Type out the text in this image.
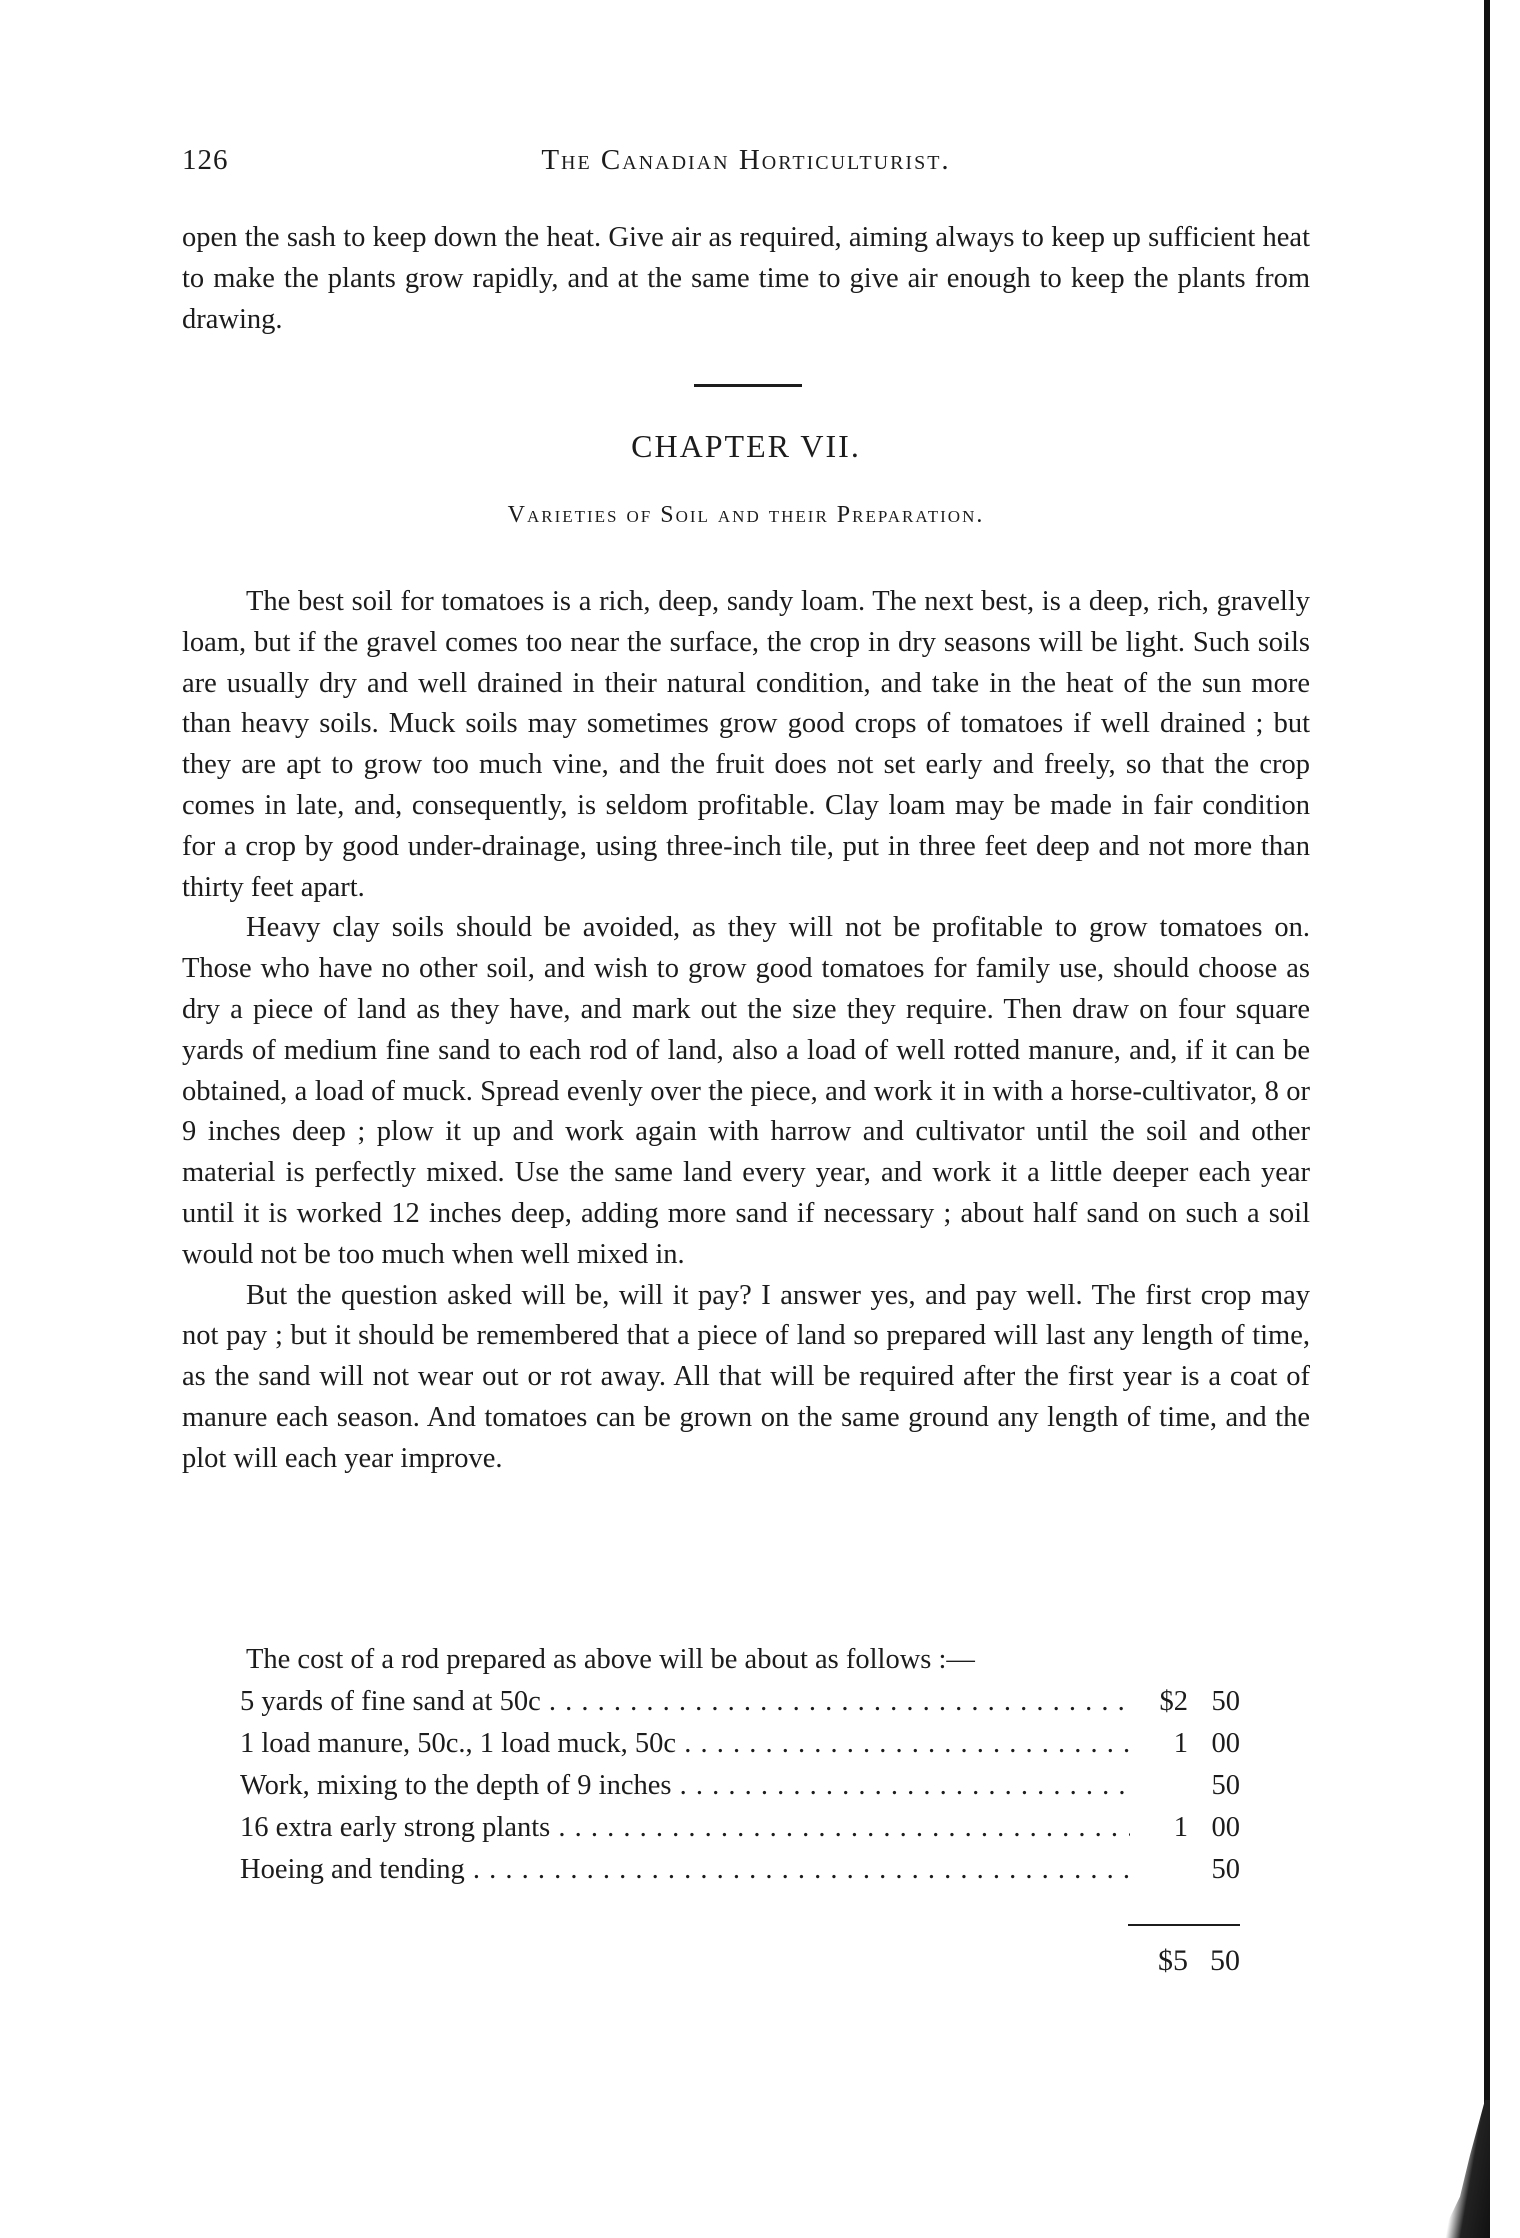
126	The Canadian Horticulturist.

open the sash to keep down the heat. Give air as required, aiming always to keep up sufficient heat to make the plants grow rapidly, and at the same time to give air enough to keep the plants from drawing.

CHAPTER VII.
Varieties of Soil and their Preparation.

The best soil for tomatoes is a rich, deep, sandy loam. The next best, is a deep, rich, gravelly loam, but if the gravel comes too near the surface, the crop in dry seasons will be light. Such soils are usually dry and well drained in their natural condition, and take in the heat of the sun more than heavy soils. Muck soils may sometimes grow good crops of tomatoes if well drained ; but they are apt to grow too much vine, and the fruit does not set early and freely, so that the crop comes in late, and, consequently, is seldom profitable. Clay loam may be made in fair condition for a crop by good under-drainage, using three-inch tile, put in three feet deep and not more than thirty feet apart.

Heavy clay soils should be avoided, as they will not be profitable to grow tomatoes on. Those who have no other soil, and wish to grow good tomatoes for family use, should choose as dry a piece of land as they have, and mark out the size they require. Then draw on four square yards of medium fine sand to each rod of land, also a load of well rotted manure, and, if it can be obtained, a load of muck. Spread evenly over the piece, and work it in with a horse-cultivator, 8 or 9 inches deep ; plow it up and work again with harrow and cultivator until the soil and other material is perfectly mixed. Use the same land every year, and work it a little deeper each year until it is worked 12 inches deep, adding more sand if necessary ; about half sand on such a soil would not be too much when well mixed in.

But the question asked will be, will it pay? I answer yes, and pay well. The first crop may not pay ; but it should be remembered that a piece of land so prepared will last any length of time, as the sand will not wear out or rot away. All that will be required after the first year is a coat of manure each season. And tomatoes can be grown on the same ground any length of time, and the plot will each year improve.

The cost of a rod prepared as above will be about as follows :—
5 yards of fine sand at 50c . . .	$2 50
1 load manure, 50c., 1 load muck, 50c . . .	1 00
Work, mixing to the depth of 9 inches . . .	50
16 extra early strong plants . . .	1 00
Hoeing and tending . . .	50
$5 50
